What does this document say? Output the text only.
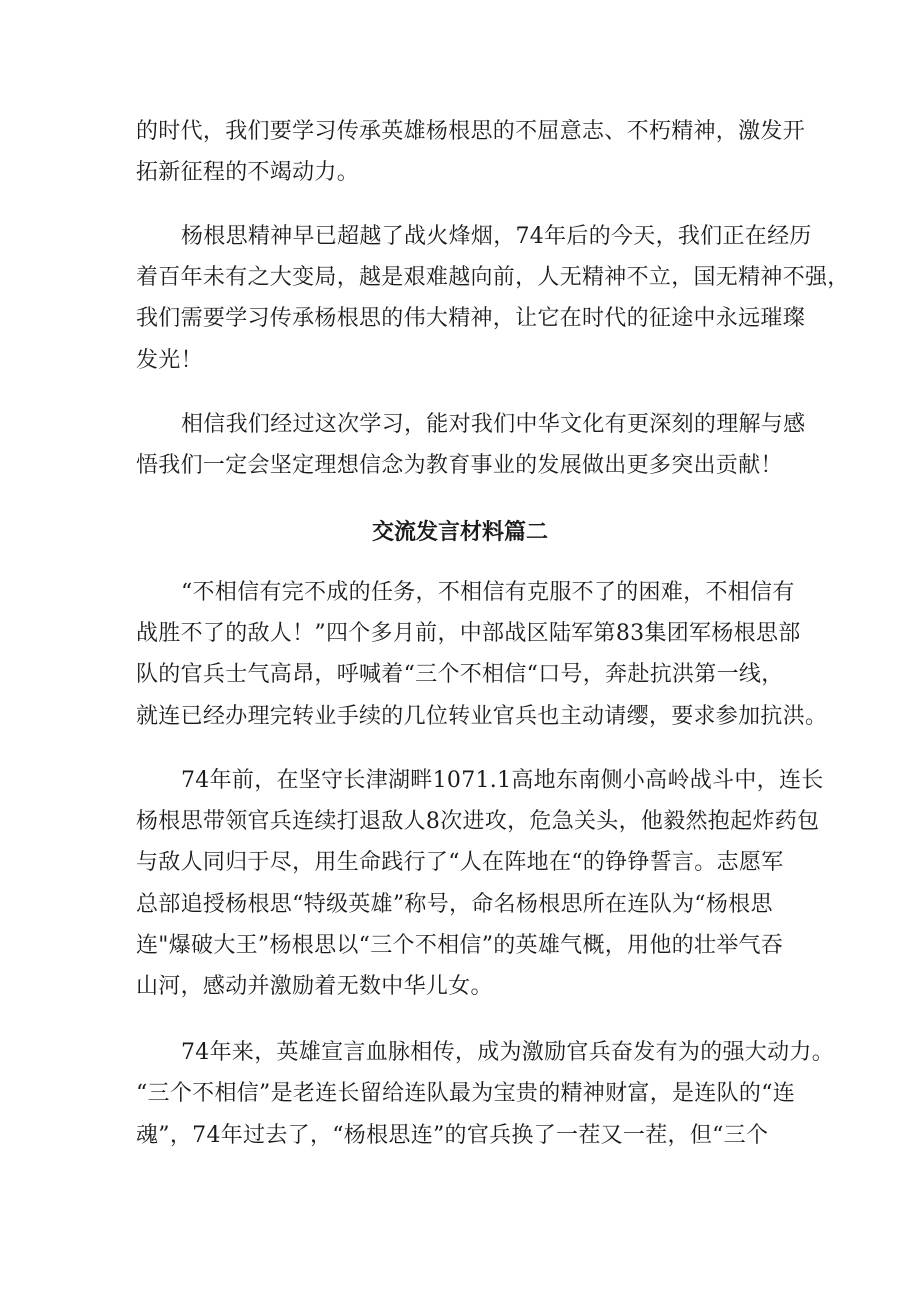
的时代，我们要学习传承英雄杨根思的不屈意志、不朽精神，激发开
拓新征程的不竭动力。
杨根思精神早已超越了战火烽烟，74年后的今天，我们正在经历
着百年未有之大变局，越是艰难越向前，人无精神不立，国无精神不强，
我们需要学习传承杨根思的伟大精神，让它在时代的征途中永远璀璨
发光！
相信我们经过这次学习，能对我们中华文化有更深刻的理解与感
悟我们一定会坚定理想信念为教育事业的发展做出更多突出贡献！
交流发言材料篇二
“不相信有完不成的任务，不相信有克服不了的困难，不相信有
战胜不了的敌人！”四个多月前，中部战区陆军第83集团军杨根思部
队的官兵士气高昂，呼喊着“三个不相信“口号，奔赴抗洪第一线，
就连已经办理完转业手续的几位转业官兵也主动请缨，要求参加抗洪。
74年前，在坚守长津湖畔1071.1高地东南侧小高岭战斗中，连长
杨根思带领官兵连续打退敌人8次进攻，危急关头，他毅然抱起炸药包
与敌人同归于尽，用生命践行了“人在阵地在“的铮铮誓言。志愿军
总部追授杨根思“特级英雄”称号，命名杨根思所在连队为“杨根思
连"爆破大王”杨根思以“三个不相信”的英雄气概，用他的壮举气吞
山河，感动并激励着无数中华儿女。
74年来，英雄宣言血脉相传，成为激励官兵奋发有为的强大动力。
“三个不相信”是老连长留给连队最为宝贵的精神财富，是连队的“连
魂”，74年过去了，“杨根思连”的官兵换了一茬又一茬，但“三个
